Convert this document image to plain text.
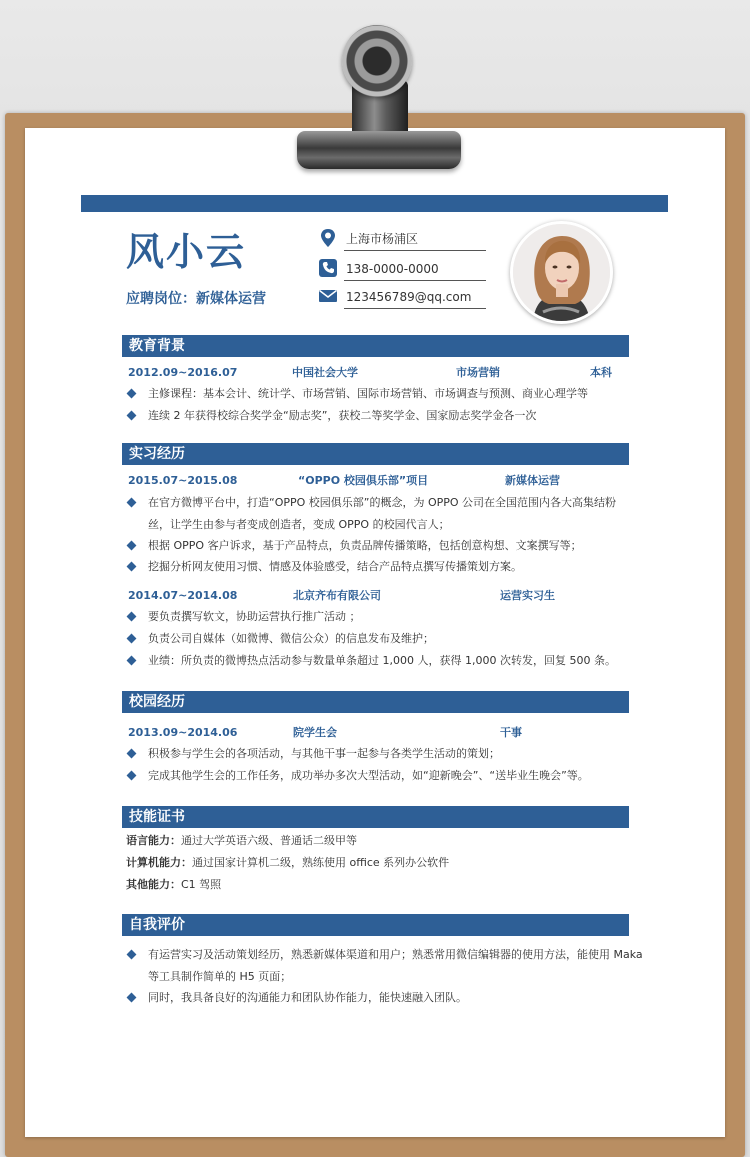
风小云
应聘岗位：新媒体运营
上海市杨浦区
138-0000-0000
123456789@qq.com
教育背景
2012.09~2016.07	中国社会大学	市场营销	本科
主修课程：基本会计、统计学、市场营销、国际市场营销、市场调查与预测、商业心理学等
连续 2 年获得校综合奖学金“励志奖”，获校二等奖学金、国家励志奖学金各一次
实习经历
2015.07~2015.08	“OPPO 校园俱乐部”项目	新媒体运营
在官方微博平台中，打造“OPPO 校园俱乐部”的概念，为 OPPO 公司在全国范围内各大高集结粉
丝，让学生由参与者变成创造者，变成 OPPO 的校园代言人；
根据 OPPO 客户诉求，基于产品特点，负责品牌传播策略，包括创意构想、文案撰写等；
挖掘分析网友使用习惯、情感及体验感受，结合产品特点撰写传播策划方案。
2014.07~2014.08	北京齐布有限公司	运营实习生
要负责撰写软文，协助运营执行推广活动 ；
负责公司自媒体（如微博、微信公众）的信息发布及维护；
业绩：所负责的微博热点活动参与数量单条超过 1,000 人，获得 1,000 次转发，回复 500 条。
校园经历
2013.09~2014.06	院学生会	干事
积极参与学生会的各项活动，与其他干事一起参与各类学生活动的策划；
完成其他学生会的工作任务，成功举办多次大型活动，如“迎新晚会”、“送毕业生晚会”等。
技能证书
语言能力：通过大学英语六级、普通话二级甲等
计算机能力：通过国家计算机二级，熟练使用 office 系列办公软件
其他能力：C1 驾照
自我评价
有运营实习及活动策划经历，熟悉新媒体渠道和用户；熟悉常用微信编辑器的使用方法，能使用 Maka
等工具制作简单的 H5 页面；
同时，我具备良好的沟通能力和团队协作能力，能快速融入团队。
